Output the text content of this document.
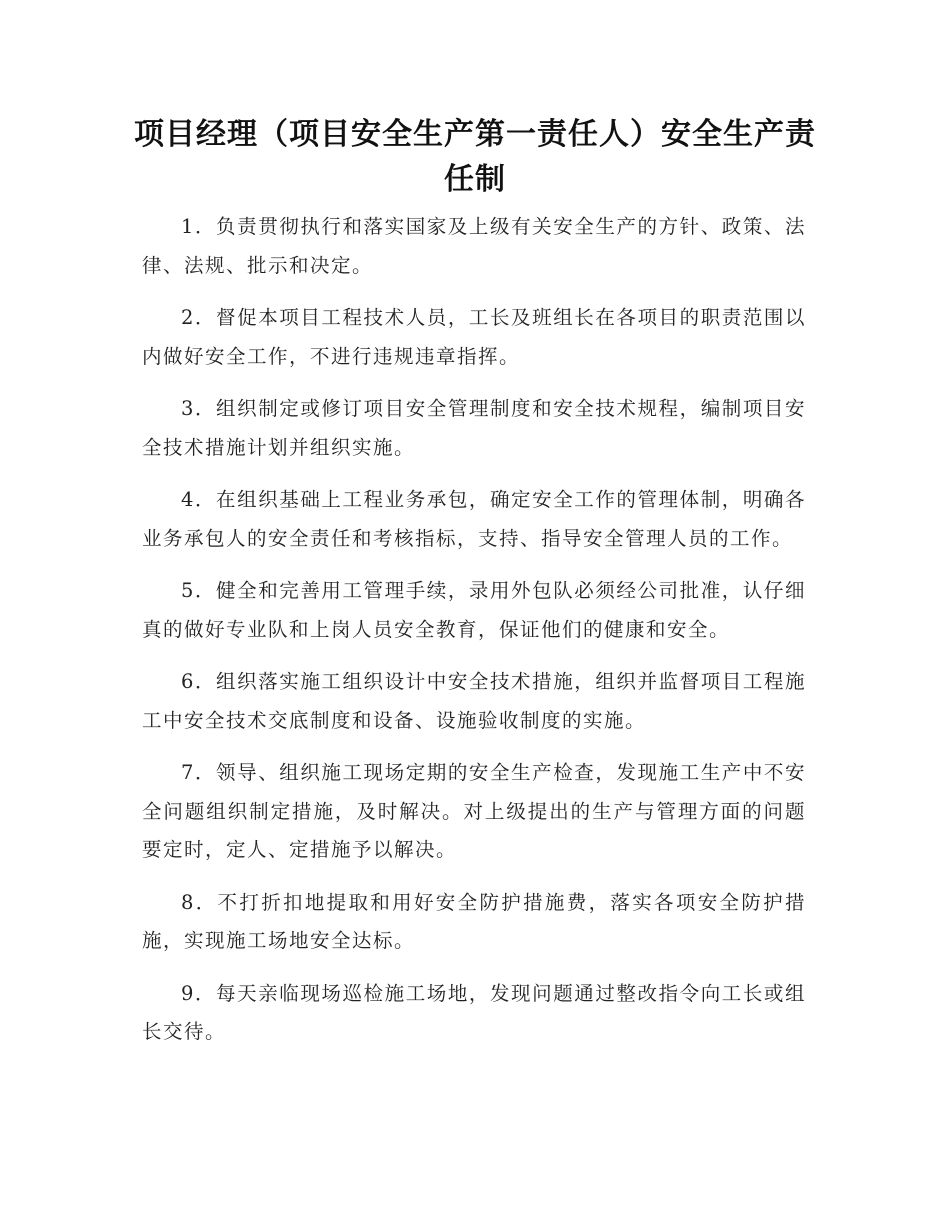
项目经理（项目安全生产第一责任人）安全生产责任制

1．负责贯彻执行和落实国家及上级有关安全生产的方针、政策、法律、法规、批示和决定。

2．督促本项目工程技术人员，工长及班组长在各项目的职责范围以内做好安全工作，不进行违规违章指挥。

3．组织制定或修订项目安全管理制度和安全技术规程，编制项目安全技术措施计划并组织实施。

4．在组织基础上工程业务承包，确定安全工作的管理体制，明确各业务承包人的安全责任和考核指标，支持、指导安全管理人员的工作。

5．健全和完善用工管理手续，录用外包队必须经公司批准，认仔细真的做好专业队和上岗人员安全教育，保证他们的健康和安全。

6．组织落实施工组织设计中安全技术措施，组织并监督项目工程施工中安全技术交底制度和设备、设施验收制度的实施。

7．领导、组织施工现场定期的安全生产检查，发现施工生产中不安全问题组织制定措施，及时解决。对上级提出的生产与管理方面的问题要定时，定人、定措施予以解决。

8．不打折扣地提取和用好安全防护措施费，落实各项安全防护措施，实现施工场地安全达标。

9．每天亲临现场巡检施工场地，发现问题通过整改指令向工长或组长交待。
